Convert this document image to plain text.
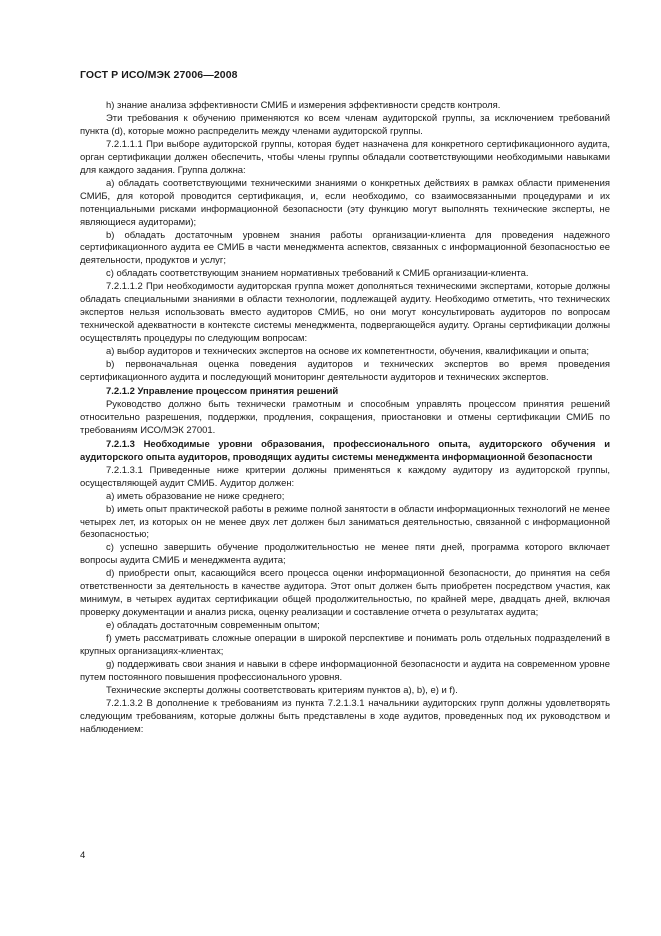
ГОСТ Р ИСО/МЭК 27006—2008

h) знание анализа эффективности СМИБ и измерения эффективности средств контроля.

Эти требования к обучению применяются ко всем членам аудиторской группы, за исключением требований пункта (d), которые можно распределить между членами аудиторской группы.

7.2.1.1.1 При выборе аудиторской группы, которая будет назначена для конкретного сертификационного аудита, орган сертификации должен обеспечить, чтобы члены группы обладали соответствующими необходимыми навыками для каждого задания. Группа должна:

a) обладать соответствующими техническими знаниями о конкретных действиях в рамках области применения СМИБ, для которой проводится сертификация, и, если необходимо, со взаимосвязанными процедурами и их потенциальными рисками информационной безопасности (эту функцию могут выполнять технические эксперты, не являющиеся аудиторами);

b) обладать достаточным уровнем знания работы организации-клиента для проведения надежного сертификационного аудита ее СМИБ в части менеджмента аспектов, связанных с информационной безопасностью ее деятельности, продуктов и услуг;

c) обладать соответствующим знанием нормативных требований к СМИБ организации-клиента.

7.2.1.1.2 При необходимости аудиторская группа может дополняться техническими экспертами, которые должны обладать специальными знаниями в области технологии, подлежащей аудиту. Необходимо отметить, что технических экспертов нельзя использовать вместо аудиторов СМИБ, но они могут консультировать аудиторов по вопросам технической адекватности в контексте системы менеджмента, подвергающейся аудиту. Органы сертификации должны осуществлять процедуры по следующим вопросам:

a) выбор аудиторов и технических экспертов на основе их компетентности, обучения, квалификации и опыта;

b) первоначальная оценка поведения аудиторов и технических экспертов во время проведения сертификационного аудита и последующий мониторинг деятельности аудиторов и технических экспертов.

7.2.1.2 Управление процессом принятия решений

Руководство должно быть технически грамотным и способным управлять процессом принятия решений относительно разрешения, поддержки, продления, сокращения, приостановки и отмены сертификации СМИБ по требованиям ИСО/МЭК 27001.

7.2.1.3 Необходимые уровни образования, профессионального опыта, аудиторского обучения и аудиторского опыта аудиторов, проводящих аудиты системы менеджмента информационной безопасности

7.2.1.3.1 Приведенные ниже критерии должны применяться к каждому аудитору из аудиторской группы, осуществляющей аудит СМИБ. Аудитор должен:

a) иметь образование не ниже среднего;

b) иметь опыт практической работы в режиме полной занятости в области информационных технологий не менее четырех лет, из которых он не менее двух лет должен был заниматься деятельностью, связанной с информационной безопасностью;

c) успешно завершить обучение продолжительностью не менее пяти дней, программа которого включает вопросы аудита СМИБ и менеджмента аудита;

d) приобрести опыт, касающийся всего процесса оценки информационной безопасности, до принятия на себя ответственности за деятельность в качестве аудитора. Этот опыт должен быть приобретен посредством участия, как минимум, в четырех аудитах сертификации общей продолжительностью, по крайней мере, двадцать дней, включая проверку документации и анализ риска, оценку реализации и составление отчета о результатах аудита;

e) обладать достаточным современным опытом;

f) уметь рассматривать сложные операции в широкой перспективе и понимать роль отдельных подразделений в крупных организациях-клиентах;

g) поддерживать свои знания и навыки в сфере информационной безопасности и аудита на современном уровне путем постоянного повышения профессионального уровня.

Технические эксперты должны соответствовать критериям пунктов a), b), e) и f).

7.2.1.3.2 В дополнение к требованиям из пункта 7.2.1.3.1 начальники аудиторских групп должны удовлетворять следующим требованиям, которые должны быть представлены в ходе аудитов, проведенных под их руководством и наблюдением:

4
